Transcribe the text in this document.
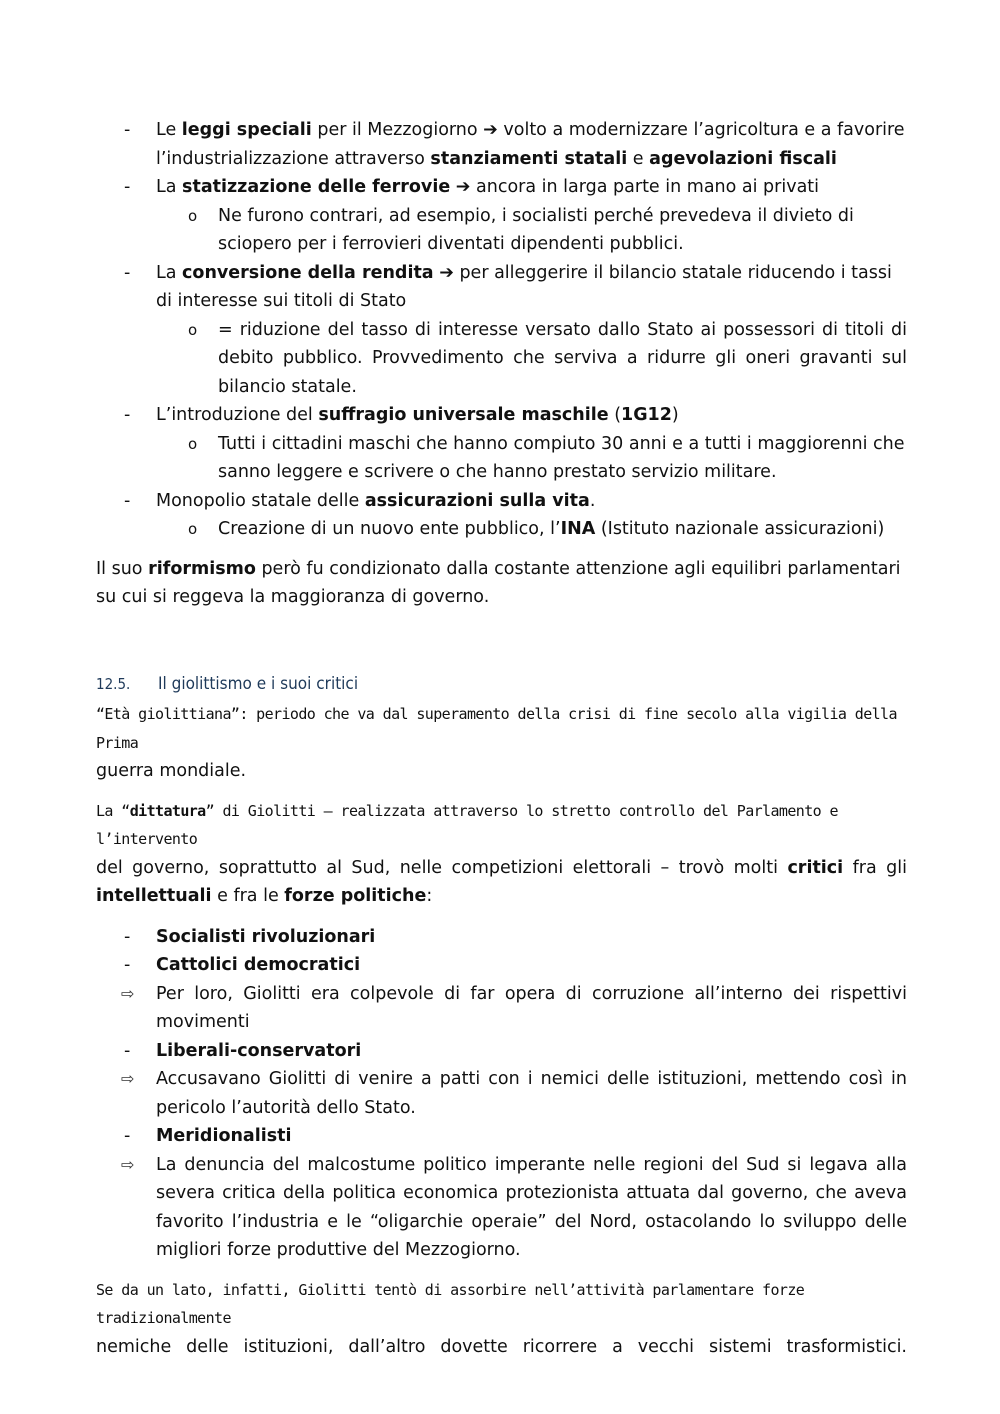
- Le leggi speciali per il Mezzogiorno ➔ volto a modernizzare l’agricoltura e a favorire l’industrializzazione attraverso stanziamenti statali e agevolazioni fiscali
- La statizzazione delle ferrovie ➔ ancora in larga parte in mano ai privati
o Ne furono contrari, ad esempio, i socialisti perché prevedeva il divieto di sciopero per i ferrovieri diventati dipendenti pubblici.
- La conversione della rendita ➔ per alleggerire il bilancio statale riducendo i tassi di interesse sui titoli di Stato
o = riduzione del tasso di interesse versato dallo Stato ai possessori di titoli di debito pubblico. Provvedimento che serviva a ridurre gli oneri gravanti sul bilancio statale.
- L’introduzione del suffragio universale maschile (1G12)
o Tutti i cittadini maschi che hanno compiuto 30 anni e a tutti i maggiorenni che sanno leggere e scrivere o che hanno prestato servizio militare.
- Monopolio statale delle assicurazioni sulla vita.
o Creazione di un nuovo ente pubblico, l’INA (Istituto nazionale assicurazioni)
Il suo riformismo però fu condizionato dalla costante attenzione agli equilibri parlamentari su cui si reggeva la maggioranza di governo.
12.5. Il giolittismo e i suoi critici
“Età giolittiana”: periodo che va dal superamento della crisi di fine secolo alla vigilia della Prima
guerra mondiale.
La “dittatura” di Giolitti – realizzata attraverso lo stretto controllo del Parlamento e l’intervento
del governo, soprattutto al Sud, nelle competizioni elettorali – trovò molti critici fra gli
intellettuali e fra le forze politiche:
- Socialisti rivoluzionari
- Cattolici democratici
⇨ Per loro, Giolitti era colpevole di far opera di corruzione all’interno dei rispettivi movimenti
- Liberali-conservatori
⇨ Accusavano Giolitti di venire a patti con i nemici delle istituzioni, mettendo così in pericolo l’autorità dello Stato.
- Meridionalisti
⇨ La denuncia del malcostume politico imperante nelle regioni del Sud si legava alla severa critica della politica economica protezionista attuata dal governo, che aveva favorito l’industria e le “oligarchie operaie” del Nord, ostacolando lo sviluppo delle migliori forze produttive del Mezzogiorno.
Se da un lato, infatti, Giolitti tentò di assorbire nell’attività parlamentare forze tradizionalmente
nemiche delle istituzioni, dall’altro dovette ricorrere a vecchi sistemi trasformistici.
